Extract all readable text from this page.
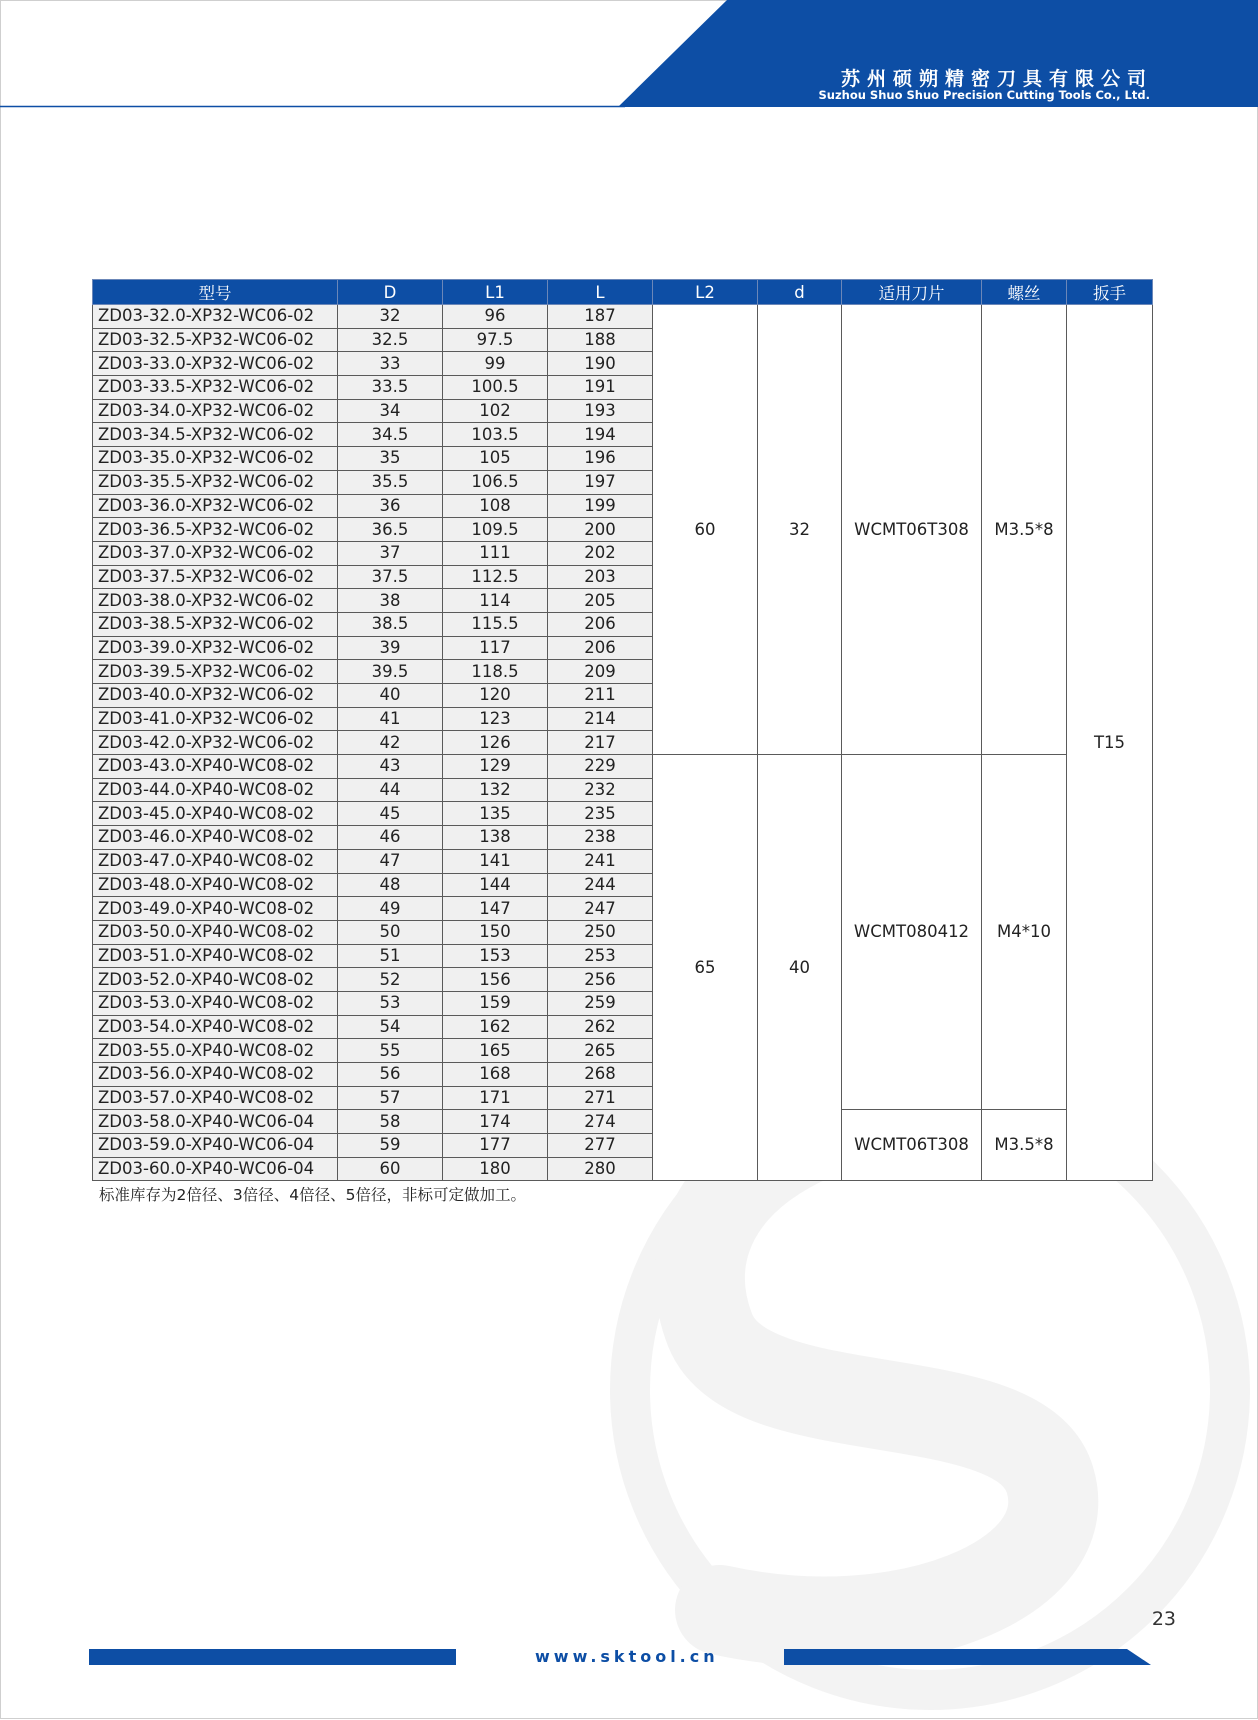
苏州硕朔精密刀具有限公司
Suzhou Shuo Shuo Precision Cutting Tools Co., Ltd.
型号	D	L1	L	L2	d	适用刀片	螺丝	扳手
ZD03-32.0-XP32-WC06-02	32	96	187	60	32	WCMT06T308	M3.5*8	T15
ZD03-32.5-XP32-WC06-02	32.5	97.5	188					
ZD03-33.0-XP32-WC06-02	33	99	190					
ZD03-33.5-XP32-WC06-02	33.5	100.5	191					
ZD03-34.0-XP32-WC06-02	34	102	193					
ZD03-34.5-XP32-WC06-02	34.5	103.5	194					
ZD03-35.0-XP32-WC06-02	35	105	196					
ZD03-35.5-XP32-WC06-02	35.5	106.5	197					
ZD03-36.0-XP32-WC06-02	36	108	199					
ZD03-36.5-XP32-WC06-02	36.5	109.5	200					
ZD03-37.0-XP32-WC06-02	37	111	202					
ZD03-37.5-XP32-WC06-02	37.5	112.5	203					
ZD03-38.0-XP32-WC06-02	38	114	205					
ZD03-38.5-XP32-WC06-02	38.5	115.5	206					
ZD03-39.0-XP32-WC06-02	39	117	206					
ZD03-39.5-XP32-WC06-02	39.5	118.5	209					
ZD03-40.0-XP32-WC06-02	40	120	211					
ZD03-41.0-XP32-WC06-02	41	123	214					
ZD03-42.0-XP32-WC06-02	42	126	217					
ZD03-43.0-XP40-WC08-02	43	129	229	65	40	WCMT080412	M4*10	
ZD03-44.0-XP40-WC08-02	44	132	232					
ZD03-45.0-XP40-WC08-02	45	135	235					
ZD03-46.0-XP40-WC08-02	46	138	238					
ZD03-47.0-XP40-WC08-02	47	141	241					
ZD03-48.0-XP40-WC08-02	48	144	244					
ZD03-49.0-XP40-WC08-02	49	147	247					
ZD03-50.0-XP40-WC08-02	50	150	250					
ZD03-51.0-XP40-WC08-02	51	153	253					
ZD03-52.0-XP40-WC08-02	52	156	256					
ZD03-53.0-XP40-WC08-02	53	159	259					
ZD03-54.0-XP40-WC08-02	54	162	262					
ZD03-55.0-XP40-WC08-02	55	165	265					
ZD03-56.0-XP40-WC08-02	56	168	268					
ZD03-57.0-XP40-WC08-02	57	171	271					
ZD03-58.0-XP40-WC06-04	58	174	274			WCMT06T308	M3.5*8	
ZD03-59.0-XP40-WC06-04	59	177	277					
ZD03-60.0-XP40-WC06-04	60	180	280					
标准库存为2倍径、3倍径、4倍径、5倍径，非标可定做加工。
23
www.sktool.cn
